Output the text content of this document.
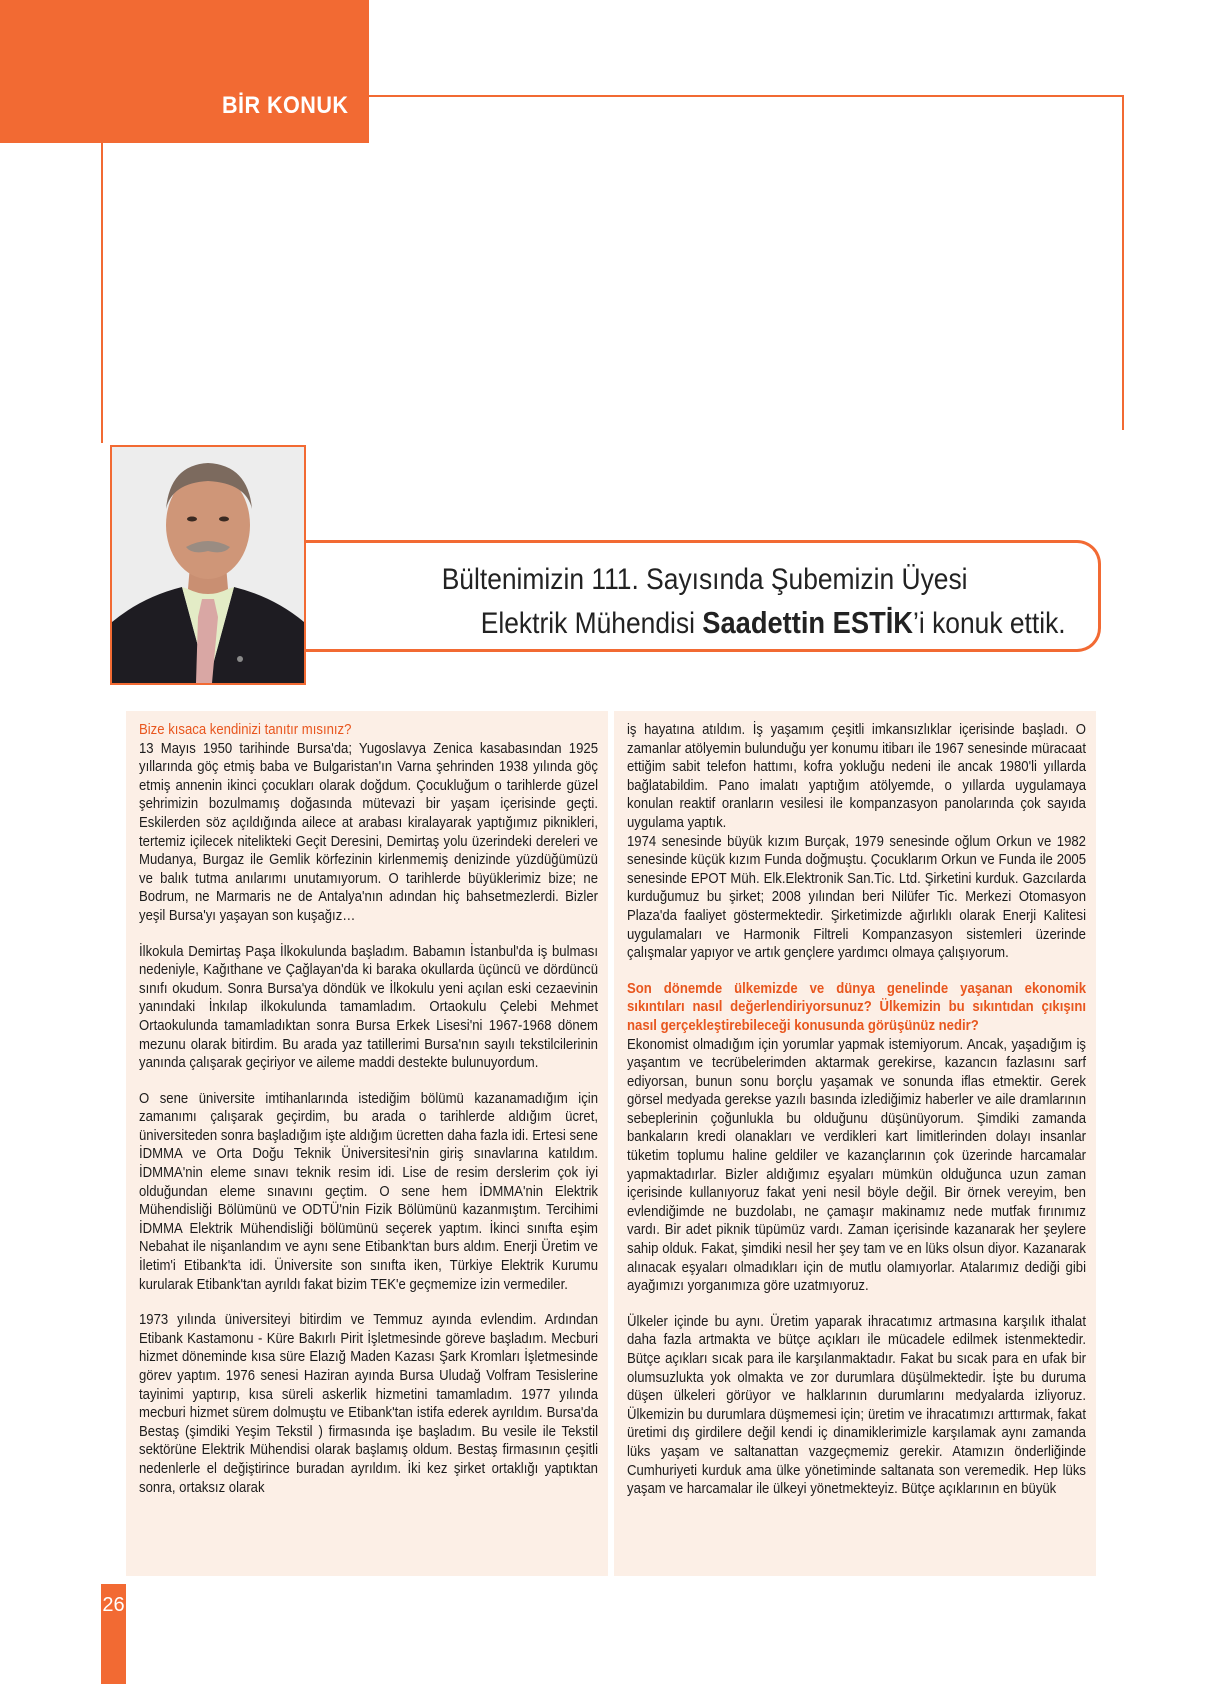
BİR KONUK
Bültenimizin 111. Sayısında Şubemizin Üyesi
Elektrik Mühendisi Saadettin ESTİK’i konuk ettik.

Bize kısaca kendinizi tanıtır mısınız?

13 Mayıs 1950 tarihinde Bursa'da; Yugoslavya Zenica kasabasından 1925 yıllarında göç etmiş baba ve Bulgaristan'ın Varna şehrinden 1938 yılında göç etmiş annenin ikinci çocukları olarak doğdum. Çocukluğum o tarihlerde güzel şehrimizin bozulmamış doğasında mütevazi bir yaşam içerisinde geçti. Eskilerden söz açıldığında ailece at arabası kiralayarak yaptığımız piknikleri, tertemiz içilecek nitelikteki Geçit Deresini, Demirtaş yolu üzerindeki dereleri ve Mudanya, Burgaz ile Gemlik körfezinin kirlenmemiş denizinde yüzdüğümüzü ve balık tutma anılarımı unutamıyorum. O tarihlerde büyüklerimiz bize; ne Bodrum, ne Marmaris ne de Antalya'nın adından hiç bahsetmezlerdi. Bizler yeşil Bursa'yı yaşayan son kuşağız…

İlkokula Demirtaş Paşa İlkokulunda başladım. Babamın İstanbul'da iş bulması nedeniyle, Kağıthane ve Çağlayan'da ki baraka okullarda üçüncü ve dördüncü sınıfı okudum. Sonra Bursa'ya döndük ve İlkokulu yeni açılan eski cezaevinin yanındaki İnkılap ilkokulunda tamamladım. Ortaokulu Çelebi Mehmet Ortaokulunda tamamladıktan sonra Bursa Erkek Lisesi'ni 1967-1968 dönem mezunu olarak bitirdim. Bu arada yaz tatillerimi Bursa'nın sayılı tekstilcilerinin yanında çalışarak geçiriyor ve aileme maddi destekte bulunuyordum.

O sene üniversite imtihanlarında istediğim bölümü kazanamadığım için zamanımı çalışarak geçirdim, bu arada o tarihlerde aldığım ücret, üniversiteden sonra başladığım işte aldığım ücretten daha fazla idi. Ertesi sene İDMMA ve Orta Doğu Teknik Üniversitesi'nin giriş sınavlarına katıldım. İDMMA'nin eleme sınavı teknik resim idi. Lise de resim derslerim çok iyi olduğundan eleme sınavını geçtim. O sene hem İDMMA'nin Elektrik Mühendisliği Bölümünü ve ODTÜ'nin Fizik Bölümünü kazanmıştım. Tercihimi İDMMA Elektrik Mühendisliği bölümünü seçerek yaptım. İkinci sınıfta eşim Nebahat ile nişanlandım ve aynı sene Etibank'tan burs aldım. Enerji Üretim ve İletim'i Etibank'ta idi. Üniversite son sınıfta iken, Türkiye Elektrik Kurumu kurularak Etibank'tan ayrıldı fakat bizim TEK'e geçmemize izin vermediler.

1973 yılında üniversiteyi bitirdim ve Temmuz ayında evlendim. Ardından Etibank Kastamonu - Küre Bakırlı Pirit İşletmesinde göreve başladım. Mecburi hizmet döneminde kısa süre Elazığ Maden Kazası Şark Kromları İşletmesinde görev yaptım. 1976 senesi Haziran ayında Bursa Uludağ Volfram Tesislerine tayinimi yaptırıp, kısa süreli askerlik hizmetini tamamladım. 1977 yılında mecburi hizmet sürem dolmuştu ve Etibank'tan istifa ederek ayrıldım. Bursa'da Bestaş (şimdiki Yeşim Tekstil ) firmasında işe başladım. Bu vesile ile Tekstil sektörüne Elektrik Mühendisi olarak başlamış oldum. Bestaş firmasının çeşitli nedenlerle el değiştirince buradan ayrıldım. İki kez şirket ortaklığı yaptıktan sonra, ortaksız olarak

iş hayatına atıldım. İş yaşamım çeşitli imkansızlıklar içerisinde başladı. O zamanlar atölyemin bulunduğu yer konumu itibarı ile 1967 senesinde müracaat ettiğim sabit telefon hattımı, kofra yokluğu nedeni ile ancak 1980'li yıllarda bağlatabildim. Pano imalatı yaptığım atölyemde, o yıllarda uygulamaya konulan reaktif oranların vesilesi ile kompanzasyon panolarında çok sayıda uygulama yaptık.
1974 senesinde büyük kızım Burçak, 1979 senesinde oğlum Orkun ve 1982 senesinde küçük kızım Funda doğmuştu. Çocuklarım Orkun ve Funda ile 2005 senesinde EPOT Müh. Elk.Elektronik San.Tic. Ltd. Şirketini kurduk. Gazcılarda kurduğumuz bu şirket; 2008 yılından beri Nilüfer Tic. Merkezi Otomasyon Plaza'da faaliyet göstermektedir. Şirketimizde ağırlıklı olarak Enerji Kalitesi uygulamaları ve Harmonik Filtreli Kompanzasyon sistemleri üzerinde çalışmalar yapıyor ve artık gençlere yardımcı olmaya çalışıyorum.

Son dönemde ülkemizde ve dünya genelinde yaşanan ekonomik sıkıntıları nasıl değerlendiriyorsunuz? Ülkemizin bu sıkıntıdan çıkışını nasıl gerçekleştirebileceği konusunda görüşünüz nedir?

Ekonomist olmadığım için yorumlar yapmak istemiyorum. Ancak, yaşadığım iş yaşantım ve tecrübelerimden aktarmak gerekirse, kazancın fazlasını sarf ediyorsan, bunun sonu borçlu yaşamak ve sonunda iflas etmektir. Gerek görsel medyada gerekse yazılı basında izlediğimiz haberler ve aile dramlarının sebeplerinin çoğunlukla bu olduğunu düşünüyorum. Şimdiki zamanda bankaların kredi olanakları ve verdikleri kart limitlerinden dolayı insanlar tüketim toplumu haline geldiler ve kazançlarının çok üzerinde harcamalar yapmaktadırlar. Bizler aldığımız eşyaları mümkün olduğunca uzun zaman içerisinde kullanıyoruz fakat yeni nesil böyle değil. Bir örnek vereyim, ben evlendiğimde ne buzdolabı, ne çamaşır makinamız nede mutfak fırınımız vardı. Bir adet piknik tüpümüz vardı. Zaman içerisinde kazanarak her şeylere sahip olduk. Fakat, şimdiki nesil her şey tam ve en lüks olsun diyor. Kazanarak alınacak eşyaları olmadıkları için de mutlu olamıyorlar. Atalarımız dediği gibi ayağımızı yorganımıza göre uzatmıyoruz.

Ülkeler içinde bu aynı. Üretim yaparak ihracatımız artmasına karşılık ithalat daha fazla artmakta ve bütçe açıkları ile mücadele edilmek istenmektedir. Bütçe açıkları sıcak para ile karşılanmaktadır. Fakat bu sıcak para en ufak bir olumsuzlukta yok olmakta ve zor durumlara düşülmektedir. İşte bu duruma düşen ülkeleri görüyor ve halklarının durumlarını medyalarda izliyoruz. Ülkemizin bu durumlara düşmemesi için; üretim ve ihracatımızı arttırmak, fakat üretimi dış girdilere değil kendi iç dinamiklerimizle karşılamak aynı zamanda lüks yaşam ve saltanattan vazgeçmemiz gerekir. Atamızın önderliğinde Cumhuriyeti kurduk ama ülke yönetiminde saltanata son veremedik. Hep lüks yaşam ve harcamalar ile ülkeyi yönetmekteyiz. Bütçe açıklarının en büyük

26
